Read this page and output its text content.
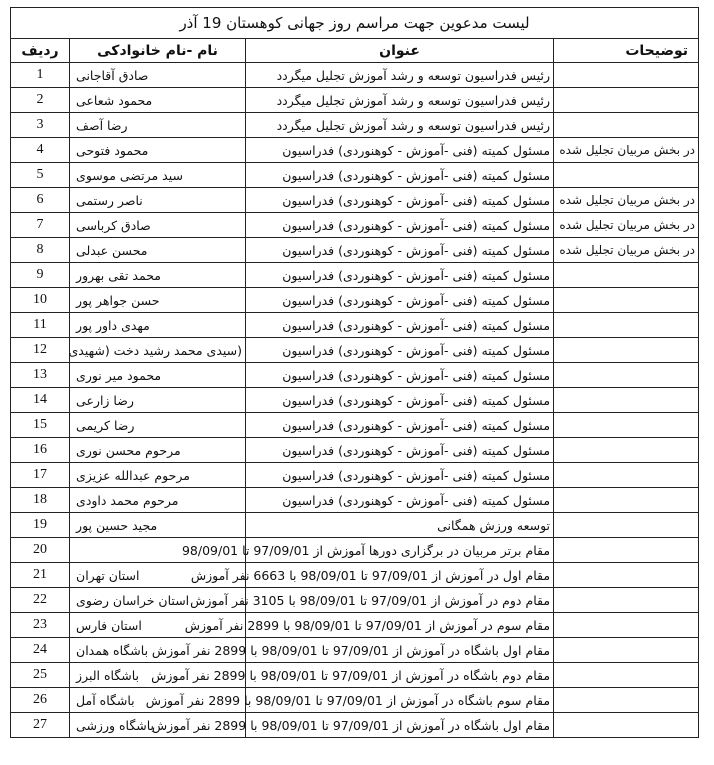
لیست مدعوین جهت مراسم روز جهانی کوهستان 19 آذر			
توضیحات	عنوان	نام -نام خانوادکی	ردیف
	رئیس فدراسیون توسعه و رشد آموزش تجلیل میگردد	صادق آقاجانی	1
	رئیس فدراسیون توسعه و رشد آموزش تجلیل میگردد	محمود شعاعی	2
	رئیس فدراسیون توسعه و رشد آموزش تجلیل میگردد	رضا آصف	3
در بخش مربیان تجلیل شده	مسئول کمیته (فنی -آموزش - کوهنوردی) فدراسیون	محمود فتوحی	4
	مسئول کمیته (فنی -آموزش - کوهنوردی) فدراسیون	سید مرتضی موسوی	5
در بخش مربیان تجلیل شده	مسئول کمیته (فنی -آموزش - کوهنوردی) فدراسیون	ناصر رستمی	6
در بخش مربیان تجلیل شده	مسئول کمیته (فنی -آموزش - کوهنوردی) فدراسیون	صادق کرباسی	7
در بخش مربیان تجلیل شده	مسئول کمیته (فنی -آموزش - کوهنوردی) فدراسیون	محسن عبدلی	8
	مسئول کمیته (فنی -آموزش - کوهنوردی) فدراسیون	محمد تقی بهرور	9
	مسئول کمیته (فنی -آموزش - کوهنوردی) فدراسیون	حسن جواهر پور	10
	مسئول کمیته (فنی -آموزش - کوهنوردی) فدراسیون	مهدی داور پور	11
	مسئول کمیته (فنی -آموزش - کوهنوردی) فدراسیون	(سیدی محمد رشید دخت (شهیدی	12
	مسئول کمیته (فنی -آموزش - کوهنوردی) فدراسیون	محمود میر نوری	13
	مسئول کمیته (فنی -آموزش - کوهنوردی) فدراسیون	رضا زارعی	14
	مسئول کمیته (فنی -آموزش - کوهنوردی) فدراسیون	رضا کریمی	15
	مسئول کمیته (فنی -آموزش - کوهنوردی) فدراسیون	مرحوم محسن نوری	16
	مسئول کمیته (فنی -آموزش - کوهنوردی) فدراسیون	مرحوم عبدالله عزیزی	17
	مسئول کمیته (فنی -آموزش - کوهنوردی) فدراسیون	مرحوم محمد داودی	18
	توسعه ورزش همگانی	مجید حسین پور	19
	مقام برتر مربیان در برگزاری دورها آموزش از 97/09/01 تا 98/09/01		20
	مقام اول در آموزش از 97/09/01 تا 98/09/01 با 6663 نفر آموزش	استان تهران	21
	مقام دوم در آموزش از 97/09/01 تا 98/09/01 با 3105 نفر آموزش	استان خراسان رضوی	22
	مقام سوم در آموزش از 97/09/01 تا 98/09/01 با 2899 نفر آموزش	استان فارس	23
	مقام اول باشگاه در آموزش از 97/09/01 تا 98/09/01 با 2899 نفر آموزش	باشگاه همدان	24
	مقام دوم باشگاه در آموزش از 97/09/01 تا 98/09/01 با 2899 نفر آموزش	باشگاه البرز	25
	مقام سوم باشگاه در آموزش از 97/09/01 تا 98/09/01 با 2899 نفر آموزش	باشگاه آمل	26
	مقام اول باشگاه در آموزش از 97/09/01 تا 98/09/01 با 2899 نفر آموزش	باشگاه ورزشی	27
